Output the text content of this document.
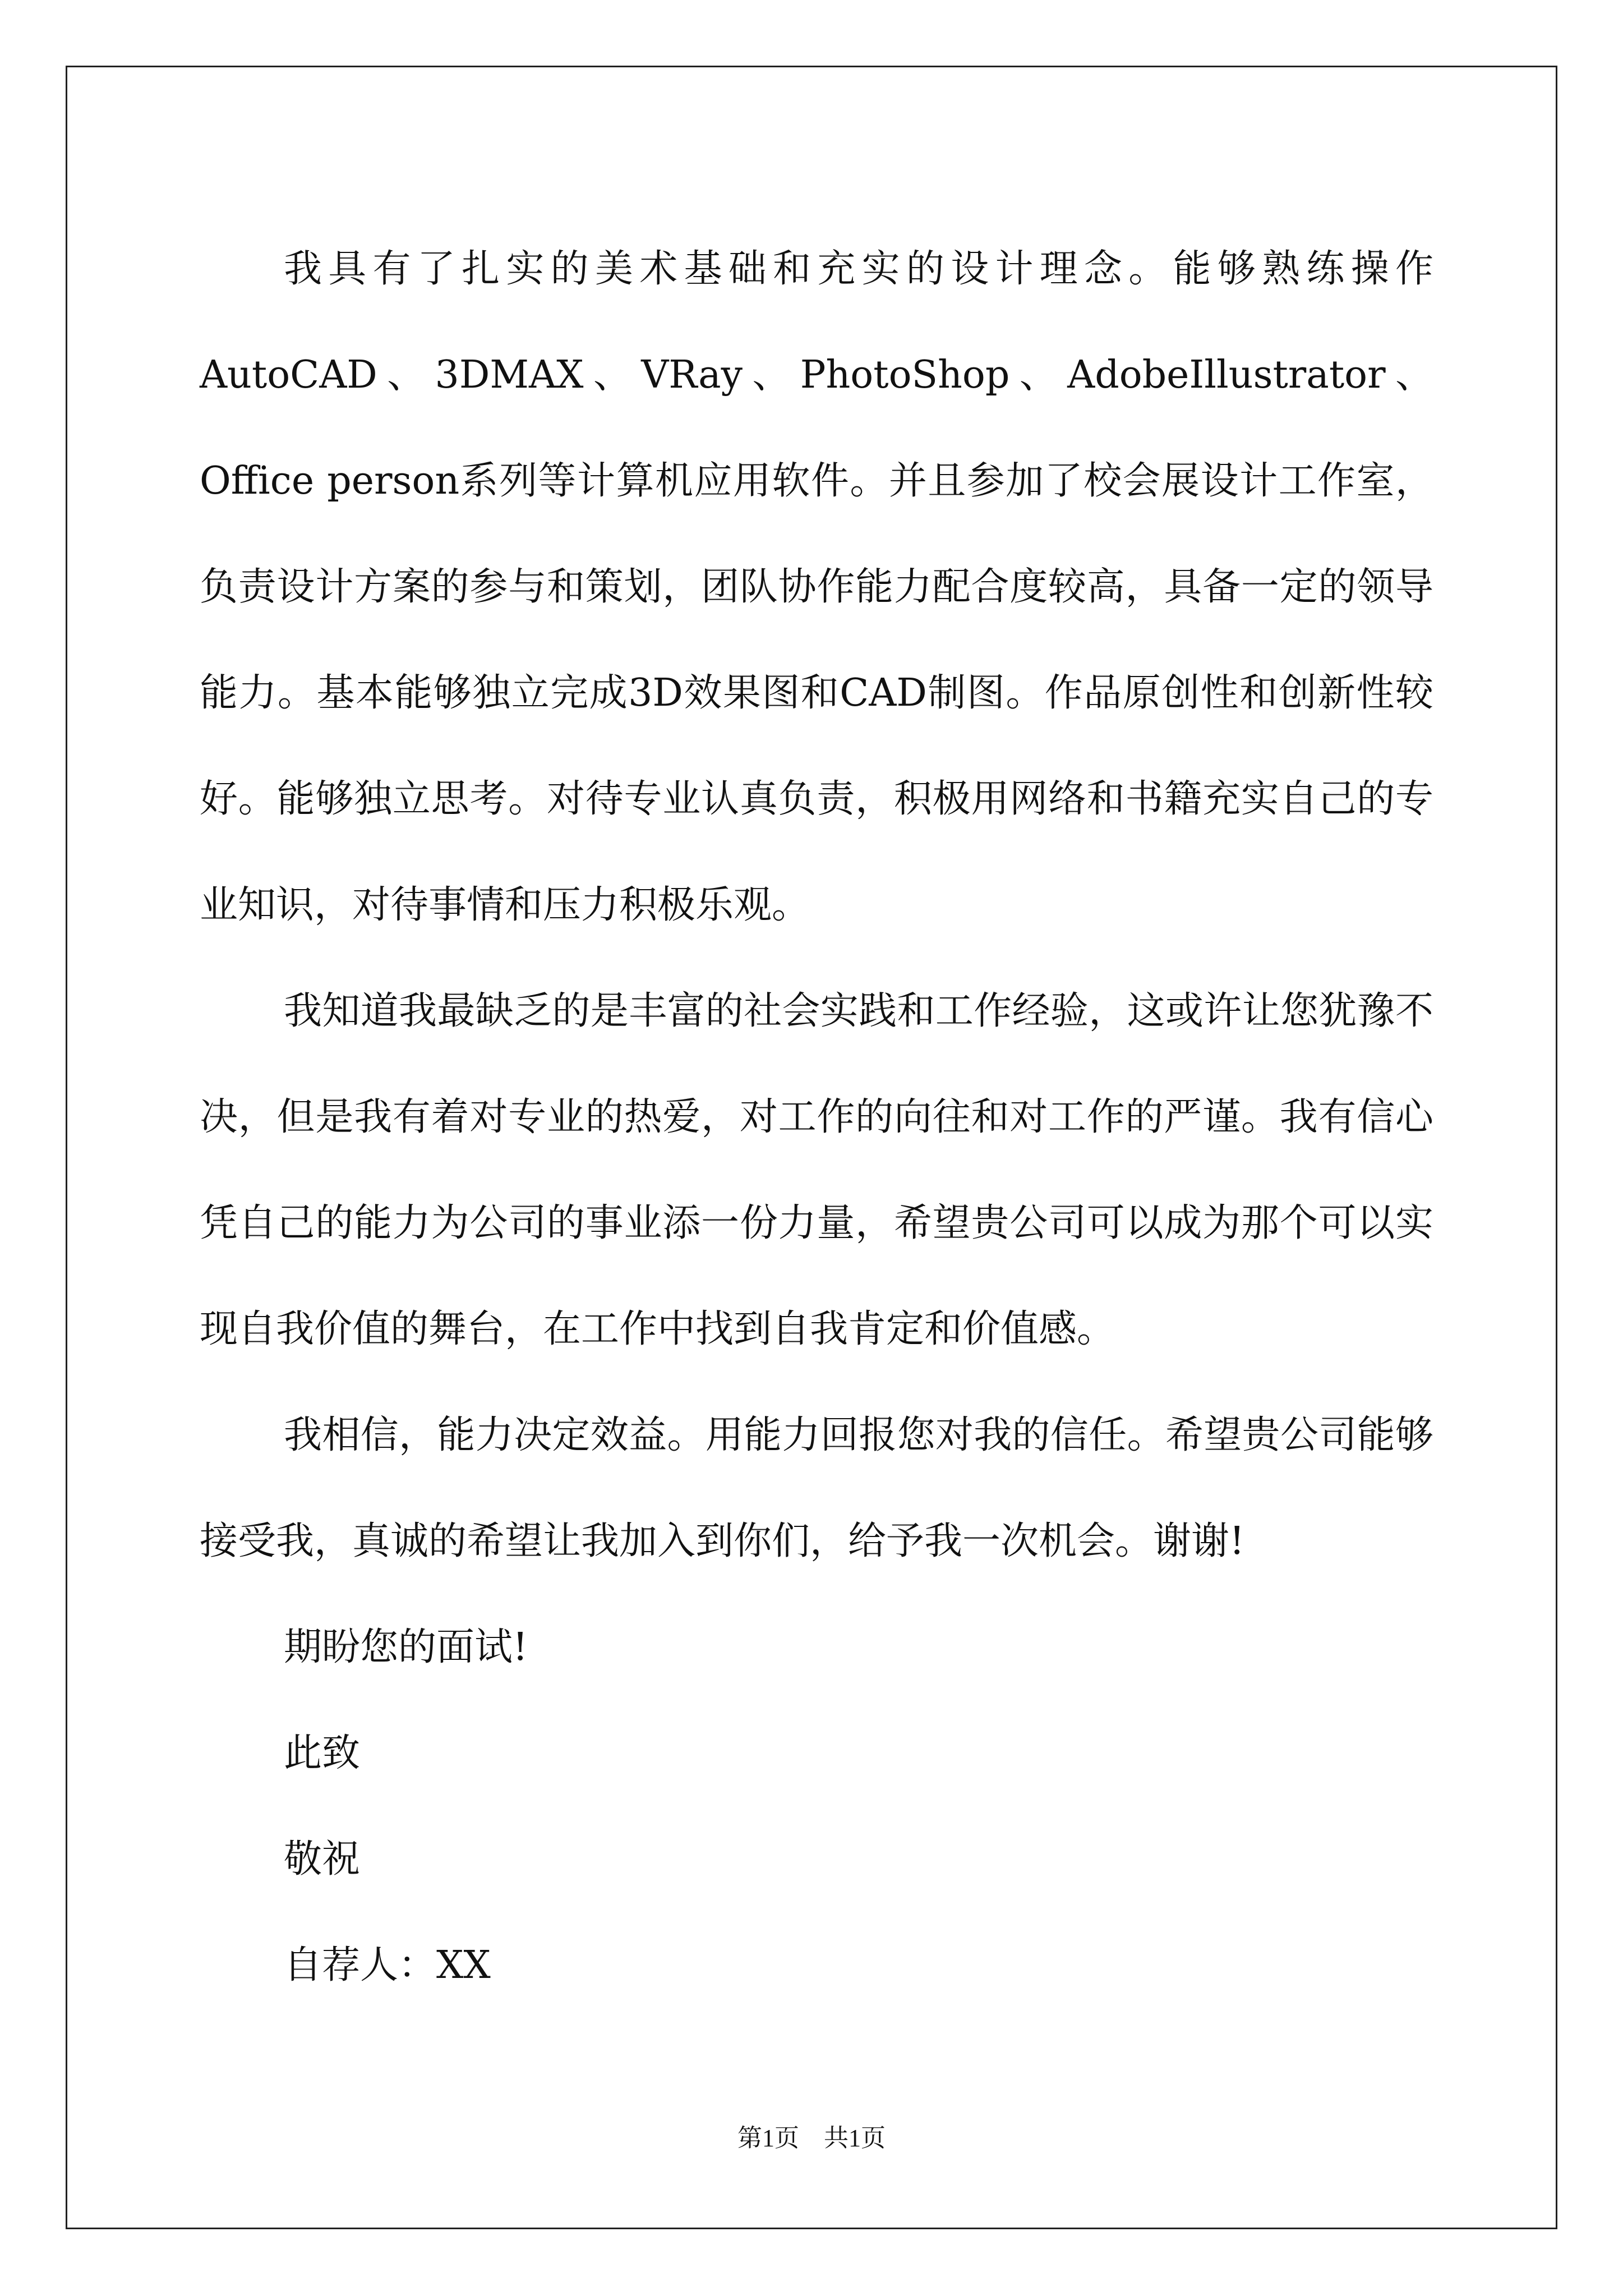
我具有了扎实的美术基础和充实的设计理念。能够熟练操作AutoCAD、3DMAX、VRay、PhotoShop、AdobeIllustrator、Office person系列等计算机应用软件。并且参加了校会展设计工作室，负责设计方案的参与和策划，团队协作能力配合度较高，具备一定的领导能力。基本能够独立完成3D效果图和CAD制图。作品原创性和创新性较好。能够独立思考。对待专业认真负责，积极用网络和书籍充实自己的专业知识，对待事情和压力积极乐观。

我知道我最缺乏的是丰富的社会实践和工作经验，这或许让您犹豫不决，但是我有着对专业的热爱，对工作的向往和对工作的严谨。我有信心凭自己的能力为公司的事业添一份力量，希望贵公司可以成为那个可以实现自我价值的舞台，在工作中找到自我肯定和价值感。

我相信，能力决定效益。用能力回报您对我的信任。希望贵公司能够接受我，真诚的希望让我加入到你们，给予我一次机会。谢谢!

期盼您的面试!

此致

敬祝

自荐人：XX

第1页　共1页
